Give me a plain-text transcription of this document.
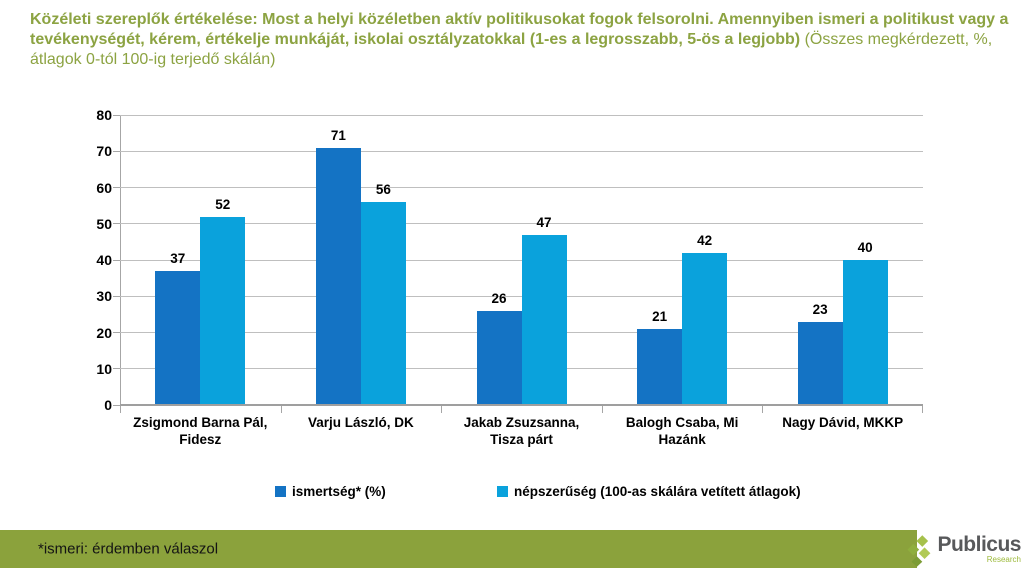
Közéleti szereplők értékelése: Most a helyi közéletben aktív politikusokat fogok felsorolni. Amennyiben ismeri a politikust vagy a tevékenységét, kérem, értékelje munkáját, iskolai osztályzatokkal (1-es a legrosszabb, 5-ös a legjobb) (Összes megkérdezett, %, átlagok 0-tól 100-ig terjedő skálán)
0
10
20
30
40
50
60
70
80
37
52
71
56
26
47
21
42
23
40
Zsigmond Barna Pál, Fidesz
Varju László, DK	Jakab Zsuzsanna, Tisza párt
Balogh Csaba, Mi Hazánk
Nagy Dávid, MKKP
ismertség* (%)	népszerűség (100-as skálára vetített átlagok)
*ismeri: érdemben válaszol	Publicus
Research
